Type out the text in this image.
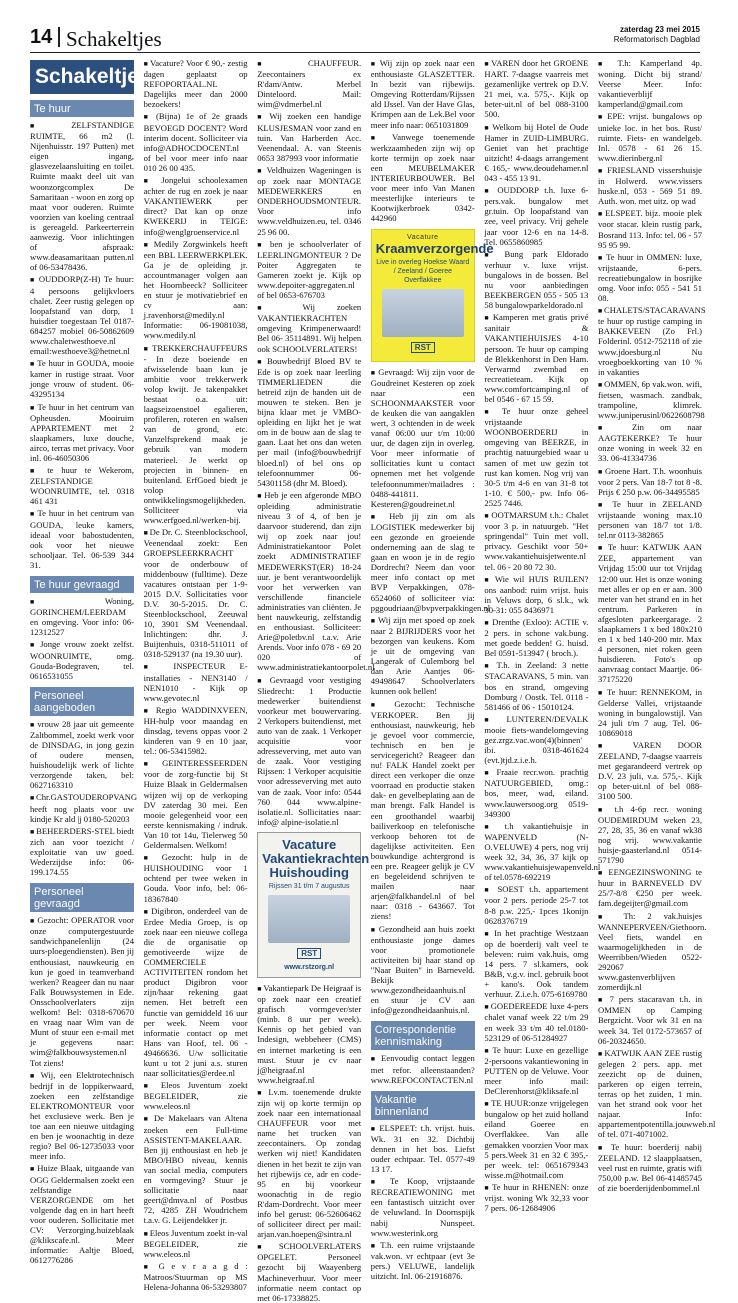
14 Schakeltjes	zaterdag 23 mei 2015
Reformatorisch Dagblad
Schakeltjes
Te huur

■ ZELFSTANDIGE RUIMTE, 66 m2 (l. Nijenhuisstr. 197 Putten) met eigen ingang, glasvezelaansluiting en toilet. Ruimte maakt deel uit van woonzorgcomplex De Samaritaan - woon en zorg op maat voor ouderen. Ruimte voorzien van koeling centraal is gereageld. Parkeerterrein aanwezig. Voor inlichtingen of afspraak: www.deasamaritaan putten.nl of 06-53478436.

■ OUDDORP(Z-H) Te huur: 4 persoons gelijkvloers chalet. Zeer rustig gelegen op loopafstand van dorp, 1 huisdier toegestaan Tel 0187-684257 mobiel 06-50862609 www.chaletwesthoeve.nl email:westhoeve3@hetnet.nl

■ Te huur in GOUDA, mooie kamer in rustige straat. Voor jonge vrouw of student. 06-43295134

■ Te huur in het centrum van Opheusden. Mooiruim APPARTEMENT met 2 slaapkamers, luxe douche, airco, terras met privacy. Voor inl. 06-46050306

■ te huur te Wekerom, ZELFSTANDIGE WOONRUIMTE, tel. 0318 461 431

■ Te huur in het centrum van GOUDA, leuke kamers, ideaal voor babostudenten, ook voor het nieuwe schooljaar. Tel. 06-539 344 31.

Te huur gevraagd

■ Woning, GORINCHEM/LEERDAM en omgeving. Voor info: 06- 12312527

■ Jonge vrouw zoekt zelfst. WOONRUIMTE, omg. Gouda-Bodegraven, tel. 0616531055

Personeel aangeboden

■ vrouw 28 jaar uit gemeente Zaltbommel, zoekt werk voor de DINSDAG, in jong gezin of oudere mensen, huishoudelijk werk of lichte verzorgende taken, bel: 0627163310

■ Chr.GASTOUDEROPVANG heeft nog plaats voor uw kindje Kr ald |j 0180-520203

■ BEHEERDERS-STEL biedt zich aan voor toezicht / exploitatie van uw goed. Wederzijdse info: 06-199.174.55

Personeel gevraagd

■ Gezocht: OPERATOR voor onze computergestuurde sandwichpanelenlijn (24 uurs-ploegendiensten). Ben jij enthousiast, nauwkeurig en kun je goed in teamverband werken? Reageer dan nu naar Falk Bouwsystemen in Ede. Onsschoolverlaters zijn welkom! Bel: 0318-670670 en vraag naar Wim van de Munt of stuur een e-mail met je gegevens naar: wim@falkbouwsystemen.nl Tot ziens!

■ Wij, een Elektrotechnisch bedrijf in de loppikerwaard, zoeken een zelfstandige ELEKTROMONTEUR voor het exclusieve werk. Ben je toe aan een nieuwe uitdaging en ben je woonachtig in deze regio? Bel 06-12735033 voor meer info.

■ Huize Blaak, uitgaande van OGG Geldermalsen zoekt een zelfstandige VERZORGENDE om het volgende dag en in hart heeft voor ouderen. Sollicitatie met CV: Verzorging.huizeblaak @klikscafe.nl. Meer informatie: Aaltje Bloed, 0612776286

■ Vacature? Voor € 90,- zestig dagen geplaatst op REFOPORTAAL.NL Dagelijks meer dan 2000 bezoekers!

■ (Bijna) 1e of 2e graads BEVOEGD DOCENT? Word interim docent. Solliciteer via info@ADHOCDOCENT.nl of bel voor meer info naar 010 26 00 435.

■ Jongelui schoolexamen achter de rug en zoek je naar VAKANTIEWERK per direct? Dat kan op onze KWEKERIJ in TEIGE: info@wenglgroenservice.nl

■ Medily Zorgwinkels heeft een BBL LEERWERKPLEK. Ga je de opleiding jr. accountmanager volgen aan het Hoornbeeck? Solliciteer en stuur je motivatiebrief en cv aan: j.ravenhorst@medily.nl Informatie: 06-19081038, www.medily.nl

■ TREKKERCHAUFFEURS - In deze boeiende en afwisselende baan kun je ambitie voor trekkerwerk volop kwijt. Je takenpakket bestaat o.a. uit: laagseizoenstoel egalieren, profileren, roteren en walsen van de grond, etc. Vanzelfsprekend maak je gebruik van modern materieel. Je werkt op projecten in binnen- en buitenland. ErfGoed biedt je volop ontwikkelingsmogelijkheden. Solliciteer via www.erfgoed.nl/werken-bij.

■ De Dr. C. Steenblockschool, Veenendaal zoekt: Een GROEPSLEERKRACHT voor de onderbouw of middenbouw (fulltime). Deze vacatures ontstaan per 1-9-2015 D.V. Sollicitaties voor D.V. 30-5-2015. Dr. C. Steenblockschool, Zeeuwal 10, 3901 SM Veenendaal. Inlichtingen: dhr. J. Buijtenhuis, 0318-511011 of 0318-529137 (na 19.30 uur).

■ INSPECTEUR E-installaties - NEN3140 / NEN1010 - Kijk op www.gevotec.nl

■ Regio WADDINXVEEN, HH-hulp voor maandag en dinsdag, tevens oppas voor 2 kinderen van 9 en 10 jaar, tel.: 06-53415982.

■ GEINTERESSEERDEN voor de zorg-functie bij St Huize Blaak in Geldermalsen wijzen wij op de verkoping DV zaterdag 30 mei. Een mooie gelegenheid voor een eerste kennismaking / indruk. Van 10 tot 14u, Tielerweg 50 Geldermalsen. Welkom!

■ Gezocht: hulp in de HUISHOUDING voor 1 ochtend per twee weken in Gouda. Voor info, bel: 06-18367840

■ Digibron, onderdeel van de Erdee Media Groep, is op zoek naar een nieuwe collega die de organisatie op gemotiveerde wijze de COMMERCIELE ACTIVITEITEN rondom het product Digibron voor zijn/haar rekening gaat nemen. Het betreft een functie van gemiddeld 16 uur per week. Neem voor informatie contact op met Hans van Hoof, tel. 06 - 49466636. U/w sollicitatie kunt u tot 2 juni a.s. sturen naar sollicitaties@erdee.nl

■ Eleos Juventum zoekt BEGELEIDER, zie www.eleos.nl

■ De Makelaars van Altena zoeken een Full-time ASSISTENT-MAKELAAR. Ben jij enthousiast en heb je MBO/HBO niveau, kennis van social media, computers en vormgeving? Stuur je sollicitatie naar geert@dmva.nl of Postbus 72, 4285 ZH Woudrichem t.a.v. G. Leijendekker jr.

■ Eleos Juventum zoekt in-val BEGELEIDER, zie www.eleos.nl

■ G e v r a a g d : Matroos/Stuurman op MS Helena-Johanna 06-53293807

■ CHAUFFEUR. Zeecontainers ex R'dam/Antw. Merbel Dinteloord. Mail: wim@vdmerbel.nl

■ Wij zoeken een handige KLUSJESMAN voor zand en tuin. Van Harberden Acc. Veenendaal. A. van Steenis 0653 387993 voor informatie

■ Veldhuizen Wageningen is op zoek naar MONTAGE MEDEWERKERS en ONDERHOUDSMONTEUR. Voor info www.veldhuizen.eu, tel. 0346 25 96 00.

■ ben je schoolverlater of LEERLINGMONTEUR ? De Poiter Aggregaten te Gameren zoekt je. Kijk op www.depoiter-aggregaten.nl of bel 0653-676703

■ Wij zoeken VAKANTIEKRACHTEN omgeving Krimpenerwaard! Bel 06- 35114891. Wij helpen ook SCHOOLVERLATERS!

■ Bouwbedrijf Bloed BV te Ede is op zoek naar leerling TIMMERLIEDEN die betreid zijn de handen uit de mouwen te steken. Ben je bijna klaar met je VMBO-opleiding en lijkt het je wat om in de bouw aan de slag te gaan. Laat het ons dan weten per mail (info@bouwbedrijf bloed.nl) of bel ons op telefoonnummer 06-54301158 (dhr M. Bloed).

■ Heb je een afgeronde MBO opleiding administratie niveau 3 of 4, of ben je daarvoor studerend, dan zijn wij op zoek naar jou! Administratiekantoor Polet zoekt ADMINISTRATIEF MEDEWERKST(ER) 18-24 uur. je bent verantwoordelijk voor het verwerken van verschillende financiele administraties van cliënten. Je bent nauwkeurig, zelfstandig en enthousiast. Solliciteer: Arie@poletbv.nl t.a.v. Arie Arends. Voor info 078 - 69 20 020 of www.administratiekantoorpolet.nl

■ Gevraagd voor vestiging Sliedrecht: 1 Productie medewerker buitendienst voorkeur met bouwervaring. 2 Verkopers buitendienst, met auto van de zaak. 1 Verkoper acquisitie voor adresseverving, met auto van de zaak. Voor vestiging Rijssen: 1 Verkoper acquisitie voor adresseverving met auto van de zaak. Voor info: 0544 760 044 www.alpine-isolatie.nl. Sollicitaties naar: info@ alpine-isolatie.nl

Vacature Vakantiekrachten Huishouding
Rijssen 31 t/m 7 augustus
RST
www.rstzorg.nl

■ Vakantiepark De Heigraaf is op zoek naar een creatief grafisch vormgever/ster (minb. 8 uur per week). Kennis op het gebied van Indesign, webbeheer (CMS) en internet marketing is een must. Stuur je cv naar j@heigraaf.nl www.heigraaf.nl

■ Lv.m. toenemende drukte zijn wij op korte termijn op zoek naar een internationaal CHAUFFEUR voor met name het trucken van zeecontainers. Op zondag werken wij niet! Kandidaten dienen in het bezit te zijn van het rijbewijs ce, adr en code-95 en bij voorkeur woonachtig in de regio R'dam-Dordrecht. Voor meer info bel gerust: 06-52606462 of solliciteer direct per mail: arjan.van.hoepen@sintra.nl

■ SCHOOLVERLATERS OPGELET. Personeel gezocht bij Waayenberg Machineverhuur. Voor meer informatie neem contact op met 06-17338825.

■ Wij zijn op zoek naar een enthousiaste GLASZETTER. In bezit van rijbewijs. Omgeving Rotterdam/Rijssen ald IJssel. Van der Have Glas, Krimpen aan de Lek.Bel voor meer info naar: 0651031809

■ Vanwege toenemende werkzaamheden zijn wij op korte termijn op zoek naar een MEUBELMAKER INTERIEURBOUWER. Bel voor meer info Van Manen meesterlijke interieurs te Kootwijkerbroek 0342-442960

Vacature
Kraamverzorgende
Live in overleg Hoekse Waard / Zeeland / Goeree Overflakkee
RST

■ Gevraagd: Wij zijn voor de Goudreinet Kesteren op zoek naar een SCHOONMAAKSTER voor de keuken die van aangaklen wert, 3 ochtenden in de week vanaf 06:00 uur t/m 10:00 uur, de dagen zijn in overleg. Voor meer informatie of sollicitaties kunt u contact opnemen met het volgende telefoonnummer/mailadres : 0488-441811. Kesteren@goudreinet.nl

■ Heb jij zin om als LOGISTIEK medewerker bij een gezonde en groeiende onderneming aan de slag te gaan en woon je in de regio Dordrecht? Neem dan voor meer info contact op met BVP Verpakkingen, 078-6524060 of solliciteer via: pggoudriaan@bvpverpakkingen.nl

■ Wij zijn met spoed op zoek naar 2 BIJRIJDERS voor het bezorgen van keukens. Kom je uit de omgeving van Langerak of Culemborg bel dan Arie Aantjes 06-49498647 Schoolverlaters kunnen ook bellen!

■ Gezocht: Technische VERKOPER. Ben jij enthousiast, nauwkeurig, heb je gevoel voor commercie, technisch en ben je servicegericht? Reageer dan nu! FALK Handel zoekt per direct een verkoper die onze voorraad en productie staken dak- en gevelbeplating aan de man brengt. Falk Handel is een groothandel waarbij bailiverkoop en telefonische verkoop behoren tot de dagelijkse activiteiten. Een bouwkundige achtergrond is een pre. Reageer gelijk je CV en begeleidend schrijven te mailen naar arjen@falkhandel.nl of bel naar: 0318 - 643667. Tot ziens!

■ Gezondheid aan huis zoekt enthousiaste jonge dames voor promotionele activiteiten bij haar stand op "Naar Buiten" in Barneveld. Bekijk www.gezondheidaanhuis.nl en stuur je CV aan info@gezondheidaanhuis.nl.

Correspondentie kennismaking

■ Eenvoudig contact leggen met refor. alleenstaanden? www.REFOCONTACTEN.nl

Vakantie binnenland

■ ELSPEET: t.h. vrijst. huis. Wk. 31 en 32. Dichtbij dennen in het bos. Liefst ouder echtpaar. Tel. 0577-49 13 17.

■ Te Koop, vrijstaande RECREATIEWONING met een fantastisch uitzicht over de veluwland. In Doornspijk nabij Nunspeet. www.westerink.org

■ T.h. een ruime vrijstaande vak.won. vr echtpaar (evt 3e pers.) VELUWE, landelijk uitzicht. Inl. 06-21916876.

■ VAREN door het GROENE HART. 7-daagse vaarreis met gezamenlijke vertrek op D.V. 21 mei, v.a. 575,-. Kijk op beter-uit.nl of bel 088-3100 500.

■ Welkom bij Hotel de Oude Hamer in ZUID-LIMBURG. Geniet van het prachtige uitzicht! 4-daags arrangement € 165,- www.deoudehamer.nl 043 - 455 13 91.

■ OUDDORP t.h. luxe 6-pers.vak. bungalow met gr.tuin. Op loopafstand van zee, veel privacy. Vrij gehele jaar voor 12-6 en na 14-8. Tel. 0655860985

■ Bung park Eldorado verhuur v. luxe vrijst. bungalows in de bossen. Bel nu voor aanbiedingen BEEKBERGEN 055 - 505 13 58 bungalowparkeldorado.nl

■ Kamperen met gratis privé sanitair & VAKANTIEHUISJES 4-10 persoon. Te huur op camping de Blekkenhorst in Den Ham. Verwarmd zwembad en recreatieteam. Kijk op www.comfortcamping.nl of bel 0546 - 67 15 59.

■ Te huur onze geheel vrijstaande WOONBOERDERIJ in omgeving van BEERZE, in prachtig natuurgebied waar u samen of met uw gezin tot rust kan komen. Nog vrij van 30-5 t/m 4-6 en van 31-8 tot 1-10. € 500,- pw. Info 06-2525 7446.

■ OOTMARSUM t.h.: Chalet voor 3 p. in natuurgeb. "Het springendal" Tuin met voll. privacy. Geschikt voor 50+ www.vakantiehuisjetwente.nl tel. 06 - 20 80 72 30.

■ Wie wil HUIS RUILEN? ons aanbod: ruim vrijst. huis in Veluws dorp, 6 sl.k., wk 30-31: 055 8436971

■ Drenthe (Exloo): ACTIE v. 2 pers. in schone vak.bung. met goede bedden! G. huisd. Bel 0591-513947 ( broch.).

■ T.h. in Zeeland: 3 nette STACARAVANS, 5 min. van bos en strand, omgeving Domburg / Oostk. Tel. 0118 - 581466 of 06 - 15010124.

■ LUNTEREN/DEVALK mooie fiets-wandelomgeving gez.zrgz.vac.won(4)(binnen' ibi. 0318-461624 (evt.)tjd.z.i.e.h.

■ Fraaie recr.won. prachtig NATUURGEBIED, omg.: bos, meer, wad, eiland. www.lauwersoog.org 0519-349300

■ t.h vakantiehuisje in WAPENVELD (N-O.VELUWE) 4 pers, nog vrij week 32, 34, 36, 37 kijk op www.vakantiehuisjewapenveld.nl of tel.0578-692219

■ SOEST t.h. appartement voor 2 pers. periode 25-7 tot 8-8 p.w. 225,- 1pces 1konijn 0628376719

■ In het prachtige Westzaan op de boerderij valt veel te beleven: ruim vak.huis, omg 14 pers. 7 sl.kamers, ook B&B, v.g.v. incl. gebruik boot + kano's. Ook tandem verhuur. Z.i.e.h. 075-6169780

■ GOEDEREEDE luxe 4-pers chalet vanaf week 22 t/m 29 en week 33 t/m 40 tel.0180-523129 of 06-51284927

■ Te huur: Luxe en gezellige 2-persoons vakantiewoning in PUTTEN op de Veluwe. Voor meer info mail: DeClerenhorst@kliksafe.nl

■ TE HUUR:onze vrijgelegen bungalow op het zuid holland eiland Goeree en Overflakkee. Van alle gemakken voorzien Voor max 5 pers.Week 31 en 32 € 395,-per week. tel: 0651679343 wisse.m@hotmail.com

■ Te huur in RHENEN: onze vrijst. woning Wk 32,33 voor 7 pers. 06-12684906

■ T.h: Kamperland 4p. woning. Dicht bij strand/ Veerse Meer. Info: vakantieverblijf kamperland@gmail.com

■ EPE: vrijst. bungalows op unieke loc. in het bos. Rust/ ruimte. Fiets- en wandelgeb. Inl. 0578 - 61 26 15. www.dierinberg.nl

■ FRIESLAND vissershuisje in Holwerd. www.vissers huske.nl, 053 - 569 51 89. Auth. won. met uitz. op wad

■ ELSPEET. bijz. mooie plek voor stacar. klein rustig park, Bosrand 113. Info: tel. 06 - 57 95 95 99.

■ Te huur in OMMEN: luxe, vrijstaande, 6-pers. recreatiebungalow in bosrijke omg. Voor info: 055 - 541 51 08.

■ CHALETS/STACARAVANS te huur op rustige camping in BAKKEVEEN (Zo Frl.) Folderinl. 0512-752118 of zie www.jdoesburg.nl Nu vroegboekkorting van 10 % in vakanties

■ OMMEN, 6p vak.won. wifi, fietsen, wasmach. zandbak, trampoline, klimrek. www.juniperusinl/0622608798

■ Zin om naar AAGTEKERKE? Te huur onze woning in week 32 en 33. 06-41334736

■ Groene Hart. T.h. woonhuis voor 2 pers. Van 18-7 tot 8 -8. Prijs € 250 p.w. 06-34495585

■ Te huur in ZEELAND vrijstaande woning max.10 personen van 18/7 tot 1/8. tel.nr 0113-382865

■ Te huur: KATWIJK AAN ZEE, appartement van Vrijdag 15:00 uur tot Vrijdag 12:00 uur. Het is onze woning met alles er op en er aan. 300 meter van het strand en in het centrum. Parkeren in afgesloten parkeergarage. 2 slaapkamers 1 x bed 180x210 en 1 x bed 140-200 mtr. Max 4 personen, niet roken geen huisdieren. Foto's op aanvraag contact Maartje. 06-37175220

■ Te huur: RENNEKOM, in Gelderse Vallei, vrijstaande woning in bungalowstijl. Van 24 juli t/m 7 aug. Tel. 06-10869018

■ VAREN DOOR ZEELAND, 7-daagse vaarreis met gegarandeerd vertrek op D.V. 23 juli, v.a. 575,-. Kijk op beter-uit.nl of bel 088-3100 500.

■ t.h 4-6p recr. woning OUDEMIRDUM weken 23, 27, 28, 35, 36 en vanaf wk38 nog vrij. www.vakantie huisje-gaasterland.nl 0514-571790

■ EENGEZINSWONING te huur in BARNEVELD DV 25/7-8/8 €250 per week. fam.degeijter@gmail.com

■ Th: 2 vak.huisjes WANNEPERVEEN/Giethoorn. Veel fiets, wandel en waarmogelijkheden in de Weerribben/Wieden 0522-292067 www.gastenverblijven zomerdijk.nl

■ 7 pers stacaravan t.h. in OMMEN op Camping Bergzicht. Voor wk 31 en na week 34. Tel 0172-573657 of 06-20324650.

■ KATWIJK AAN ZEE rustig gelegen 2 pers. app. met zeezicht op de duinen, parkeren op eigen terrein, terras op het zuiden, 1 min. van het strand ook voor het najaar. Info: appartementpotentilla.jouwweb.nl of tel. 071-4071002.

■ Te huur: boerderij nabij ZEELAND. 12 slaapplaatsen, veel rust en ruimte, gratis wifi 750,00 p.w. Bel 06-41485745 of zie boerderijdenbommel.nl
